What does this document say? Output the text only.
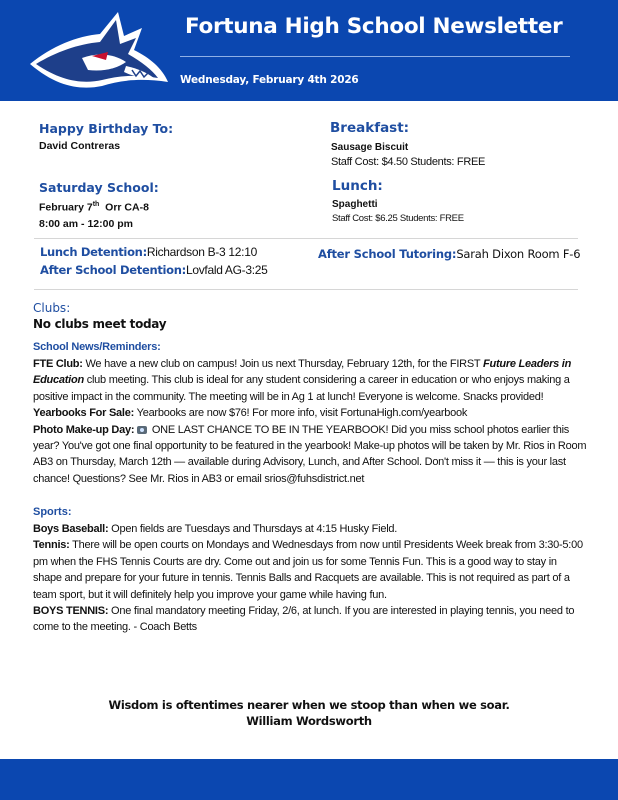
Fortuna High School Newsletter
Wednesday, February 4th 2026
Happy Birthday To:
David Contreras
Saturday School:
February 7th Orr CA-8
8:00 am - 12:00 pm
Breakfast:
Sausage Biscuit
Staff Cost: $4.50 Students: FREE
Lunch:
Spaghetti
Staff Cost: $6.25 Students: FREE
Lunch Detention:Richardson B-3 12:10
After School Detention:Lovfald AG-3:25
After School Tutoring:Sarah Dixon Room F-6
Clubs:
No clubs meet today
School News/Reminders:

FTE Club: We have a new club on campus! Join us next Thursday, February 12th, for the FIRST Future Leaders in Education club meeting. This club is ideal for any student considering a career in education or who enjoys making a positive impact in the community. The meeting will be in Ag 1 at lunch! Everyone is welcome. Snacks provided!

Yearbooks For Sale: Yearbooks are now $76! For more info, visit FortunaHigh.com/yearbook

Photo Make-up Day:  ONE LAST CHANCE TO BE IN THE YEARBOOK! Did you miss school photos earlier this year? You've got one final opportunity to be featured in the yearbook! Make-up photos will be taken by Mr. Rios in Room AB3 on Thursday, March 12th — available during Advisory, Lunch, and After School. Don't miss it — this is your last chance! Questions? See Mr. Rios in AB3 or email srios@fuhsdistrict.net

Sports:

Boys Baseball: Open fields are Tuesdays and Thursdays at 4:15 Husky Field.

Tennis: There will be open courts on Mondays and Wednesdays from now until Presidents Week break from 3:30-5:00 pm when the FHS Tennis Courts are dry. Come out and join us for some Tennis Fun. This is a good way to stay in shape and prepare for your future in tennis. Tennis Balls and Racquets are available. This is not required as part of a team sport, but it will definitely help you improve your game while having fun.

BOYS TENNIS: One final mandatory meeting Friday, 2/6, at lunch. If you are interested in playing tennis, you need to come to the meeting. - Coach Betts

Wisdom is oftentimes nearer when we stoop than when we soar.
William Wordsworth
